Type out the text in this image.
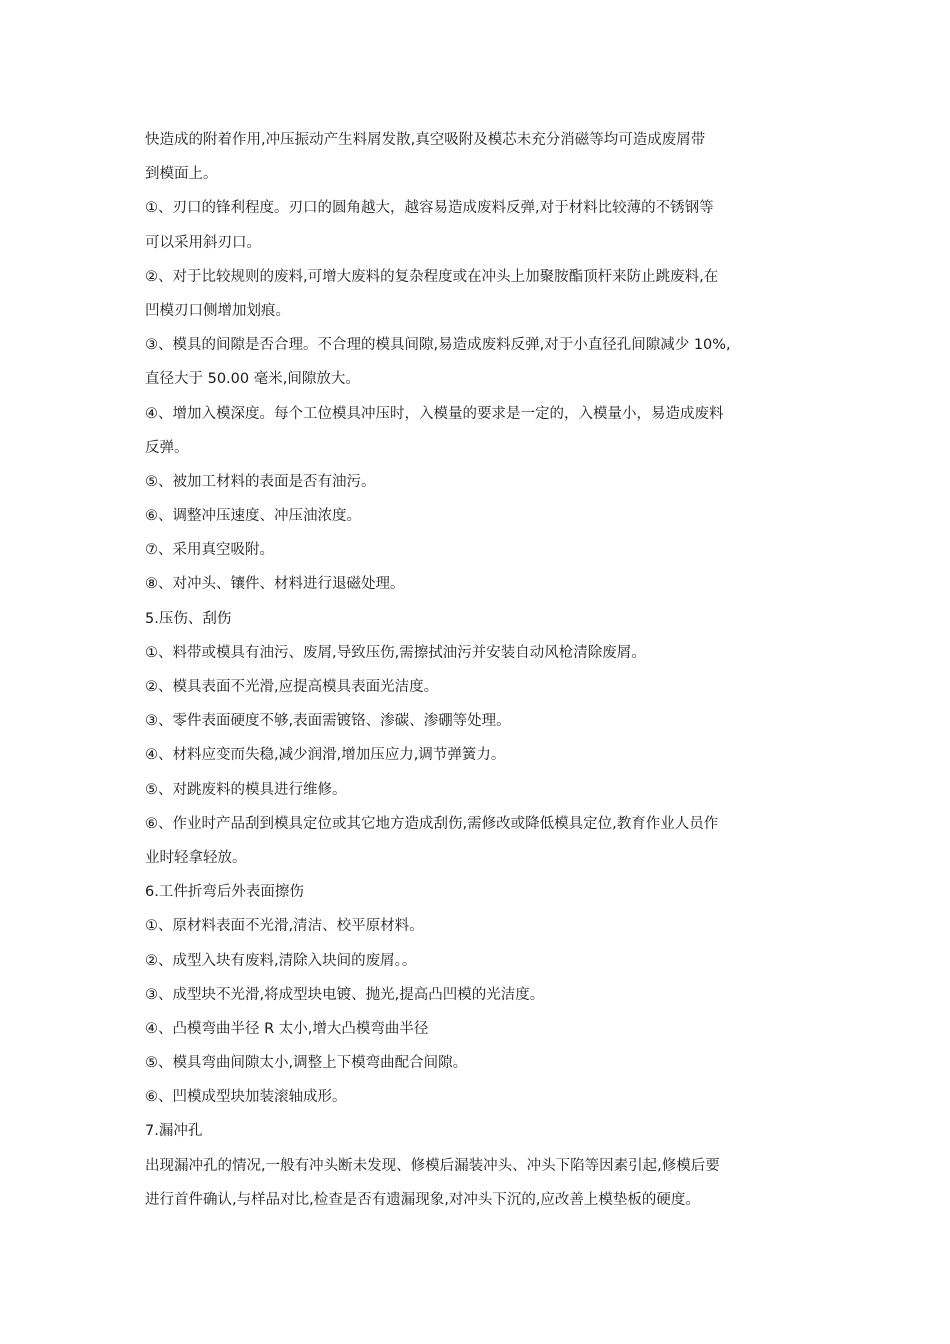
快造成的附着作用,冲压振动产生料屑发散,真空吸附及模芯未充分消磁等均可造成废屑带
到模面上。
①、刃口的锋利程度。刃口的圆角越大，越容易造成废料反弹,对于材料比较薄的不锈钢等
可以采用斜刃口。
②、对于比较规则的废料,可增大废料的复杂程度或在冲头上加聚胺酯顶杆来防止跳废料,在
凹模刃口侧增加划痕。
③、模具的间隙是否合理。不合理的模具间隙,易造成废料反弹,对于小直径孔间隙减少 10%,
直径大于 50.00 毫米,间隙放大。
④、增加入模深度。每个工位模具冲压时，入模量的要求是一定的，入模量小，易造成废料
反弹。
⑤、被加工材料的表面是否有油污。
⑥、调整冲压速度、冲压油浓度。
⑦、采用真空吸附。
⑧、对冲头、镶件、材料进行退磁处理。
5.压伤、刮伤
①、料带或模具有油污、废屑,导致压伤,需擦拭油污并安装自动风枪清除废屑。
②、模具表面不光滑,应提高模具表面光洁度。
③、零件表面硬度不够,表面需镀铬、渗碳、渗硼等处理。
④、材料应变而失稳,减少润滑,增加压应力,调节弹簧力。
⑤、对跳废料的模具进行维修。
⑥、作业时产品刮到模具定位或其它地方造成刮伤,需修改或降低模具定位,教育作业人员作
业时轻拿轻放。
6.工件折弯后外表面擦伤
①、原材料表面不光滑,清洁、校平原材料。
②、成型入块有废料,清除入块间的废屑。。
③、成型块不光滑,将成型块电镀、抛光,提高凸凹模的光洁度。
④、凸模弯曲半径 R 太小,增大凸模弯曲半径
⑤、模具弯曲间隙太小,调整上下模弯曲配合间隙。
⑥、凹模成型块加装滚轴成形。
7.漏冲孔
出现漏冲孔的情况,一般有冲头断未发现、修模后漏装冲头、冲头下陷等因素引起,修模后要
进行首件确认,与样品对比,检查是否有遗漏现象,对冲头下沉的,应改善上模垫板的硬度。
